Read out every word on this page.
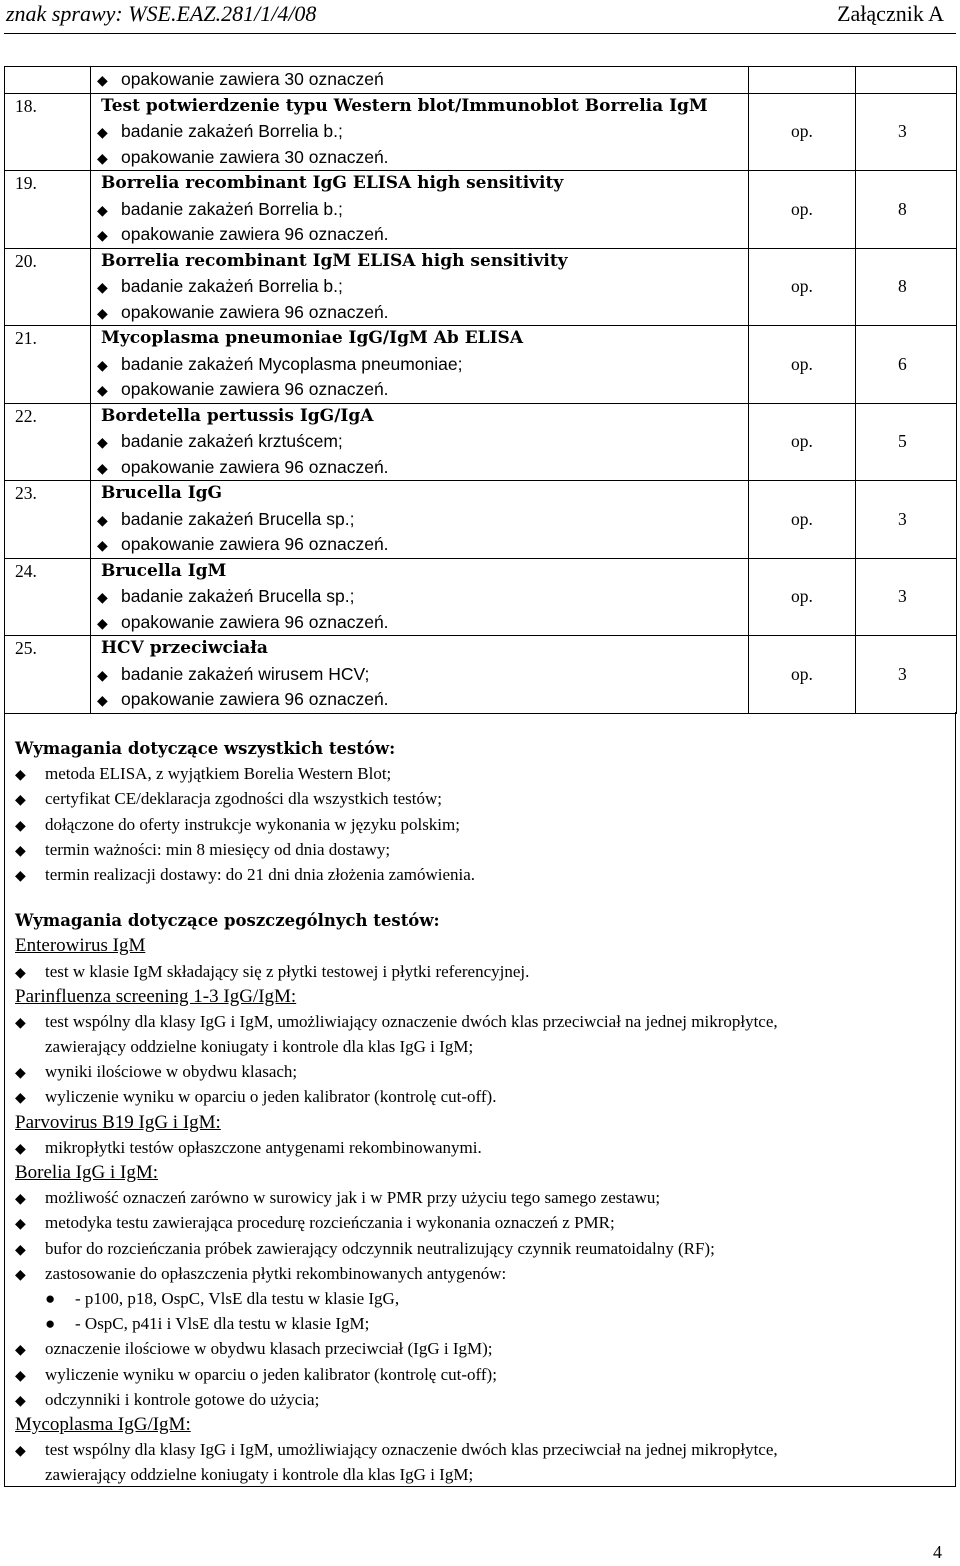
znak sprawy: WSE.EAZ.281/1/4/08	Załącznik A

	◆ opakowanie zawiera 30 oznaczeń		

18.	Test potwierdzenie typu Western blot/Immunoblot Borrelia IgM
◆ badanie zakażeń Borrelia b.;
◆ opakowanie zawiera 30 oznaczeń.	op.	3

19.	Borrelia recombinant IgG ELISA high sensitivity
◆ badanie zakażeń Borrelia b.;
◆ opakowanie zawiera 96 oznaczeń.	op.	8

20.	Borrelia recombinant IgM ELISA high sensitivity
◆ badanie zakażeń Borrelia b.;
◆ opakowanie zawiera 96 oznaczeń.	op.	8

21.	Mycoplasma pneumoniae IgG/IgM Ab ELISA
◆ badanie zakażeń Mycoplasma pneumoniae;
◆ opakowanie zawiera 96 oznaczeń.	op.	6

22.	Bordetella pertussis IgG/IgA
◆ badanie zakażeń krztuścem;
◆ opakowanie zawiera 96 oznaczeń.	op.	5

23.	Brucella IgG
◆ badanie zakażeń Brucella sp.;
◆ opakowanie zawiera 96 oznaczeń.	op.	3

24.	Brucella IgM
◆ badanie zakażeń Brucella sp.;
◆ opakowanie zawiera 96 oznaczeń.	op.	3

25.	HCV przeciwciała
◆ badanie zakażeń wirusem HCV;
◆ opakowanie zawiera 96 oznaczeń.	op.	3
Wymagania dotyczące wszystkich testów:
◆ metoda ELISA, z wyjątkiem Borelia Western Blot;
◆ certyfikat CE/deklaracja zgodności dla wszystkich testów;
◆ dołączone do oferty instrukcje wykonania w języku polskim;
◆ termin ważności: min 8 miesięcy od dnia dostawy;
◆ termin realizacji dostawy: do 21 dni dnia złożenia zamówienia.
Wymagania dotyczące poszczególnych testów:
Enterowirus IgM
◆ test w klasie IgM składający się z płytki testowej i płytki referencyjnej.
Parinfluenza screening 1-3 IgG/IgM:
◆ test wspólny dla klasy IgG i IgM, umożliwiający oznaczenie dwóch klas przeciwciał na jednej mikropłytce,
zawierający oddzielne koniugaty i kontrole dla klas IgG i IgM;
◆ wyniki ilościowe w obydwu klasach;
◆ wyliczenie wyniku w oparciu o jeden kalibrator (kontrolę cut-off).
Parvovirus B19 IgG i IgM:
◆ mikropłytki testów opłaszczone antygenami rekombinowanymi.
Borelia IgG i IgM:
◆ możliwość oznaczeń zarówno w surowicy jak i w PMR przy użyciu tego samego zestawu;
◆ metodyka testu zawierająca procedurę rozcieńczania i wykonania oznaczeń z PMR;
◆ bufor do rozcieńczania próbek zawierający odczynnik neutralizujący czynnik reumatoidalny (RF);
◆ zastosowanie do opłaszczenia płytki rekombinowanych antygenów:
● - p100, p18, OspC, VlsE dla testu w klasie IgG,
● - OspC, p41i i VlsE dla testu w klasie IgM;
◆ oznaczenie ilościowe w obydwu klasach przeciwciał (IgG i IgM);
◆ wyliczenie wyniku w oparciu o jeden kalibrator (kontrolę cut-off);
◆ odczynniki i kontrole gotowe do użycia;
Mycoplasma IgG/IgM:
◆ test wspólny dla klasy IgG i IgM, umożliwiający oznaczenie dwóch klas przeciwciał na jednej mikropłytce,
zawierający oddzielne koniugaty i kontrole dla klas IgG i IgM;
4
